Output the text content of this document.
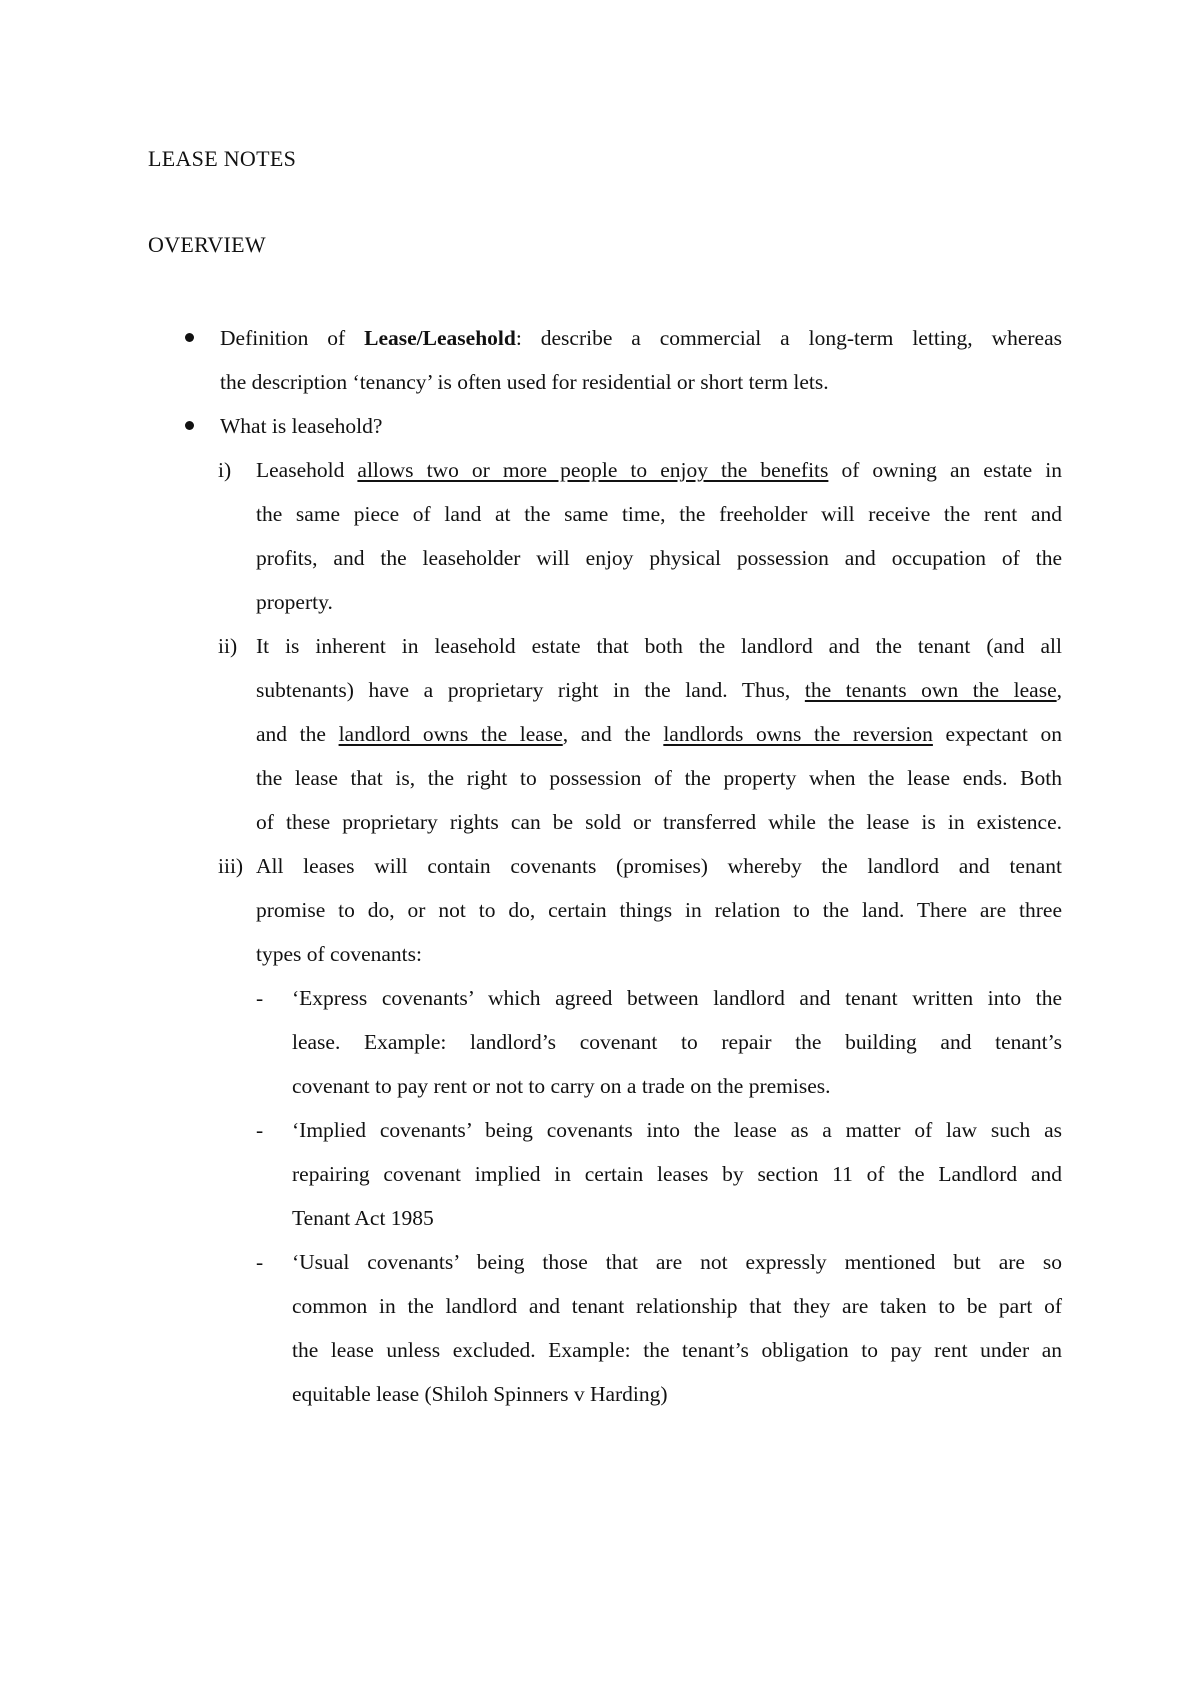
LEASE NOTES
OVERVIEW
Definition of Lease/Leasehold: describe a commercial a long-term letting, whereas
the description ‘tenancy’ is often used for residential or short term lets.
What is leasehold?
i) Leasehold allows two or more people to enjoy the benefits of owning an estate in
the same piece of land at the same time, the freeholder will receive the rent and
profits, and the leaseholder will enjoy physical possession and occupation of the
property.
ii) It is inherent in leasehold estate that both the landlord and the tenant (and all
subtenants) have a proprietary right in the land. Thus, the tenants own the lease,
and the landlord owns the lease, and the landlords owns the reversion expectant on
the lease that is, the right to possession of the property when the lease ends. Both
of these proprietary rights can be sold or transferred while the lease is in existence.
iii) All leases will contain covenants (promises) whereby the landlord and tenant
promise to do, or not to do, certain things in relation to the land. There are three
types of covenants:
- ‘Express covenants’ which agreed between landlord and tenant written into the
lease. Example: landlord’s covenant to repair the building and tenant’s
covenant to pay rent or not to carry on a trade on the premises.
- ‘Implied covenants’ being covenants into the lease as a matter of law such as
repairing covenant implied in certain leases by section 11 of the Landlord and
Tenant Act 1985
- ‘Usual covenants’ being those that are not expressly mentioned but are so
common in the landlord and tenant relationship that they are taken to be part of
the lease unless excluded. Example: the tenant’s obligation to pay rent under an
equitable lease (Shiloh Spinners v Harding)
